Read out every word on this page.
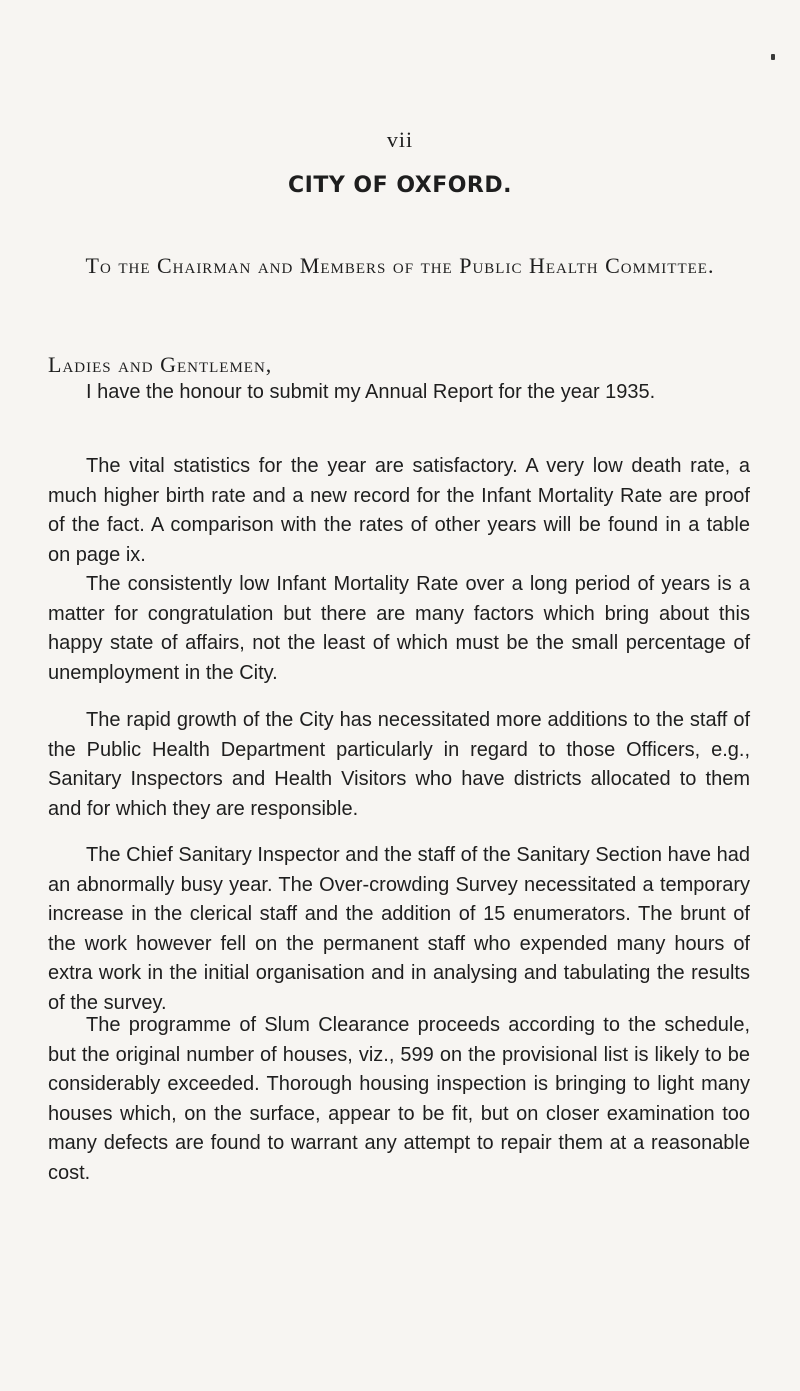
vii
CITY OF OXFORD.
To the Chairman and Members of the Public Health Committee.
Ladies and Gentlemen,

I have the honour to submit my Annual Report for the year 1935.

The vital statistics for the year are satisfactory. A very low death rate, a much higher birth rate and a new record for the Infant Mortality Rate are proof of the fact. A comparison with the rates of other years will be found in a table on page ix.

The consistently low Infant Mortality Rate over a long period of years is a matter for congratulation but there are many factors which bring about this happy state of affairs, not the least of which must be the small percentage of unemployment in the City.

The rapid growth of the City has necessitated more additions to the staff of the Public Health Department particularly in regard to those Officers, e.g., Sanitary Inspectors and Health Visitors who have districts allocated to them and for which they are responsible.

The Chief Sanitary Inspector and the staff of the Sanitary Section have had an abnormally busy year. The Over-crowding Survey necessitated a temporary increase in the clerical staff and the addition of 15 enumerators. The brunt of the work however fell on the permanent staff who expended many hours of extra work in the initial organisation and in analysing and tabulating the results of the survey.

The programme of Slum Clearance proceeds according to the schedule, but the original number of houses, viz., 599 on the provisional list is likely to be considerably exceeded. Thorough housing inspection is bringing to light many houses which, on the surface, appear to be fit, but on closer examination too many defects are found to warrant any attempt to repair them at a reasonable cost.
